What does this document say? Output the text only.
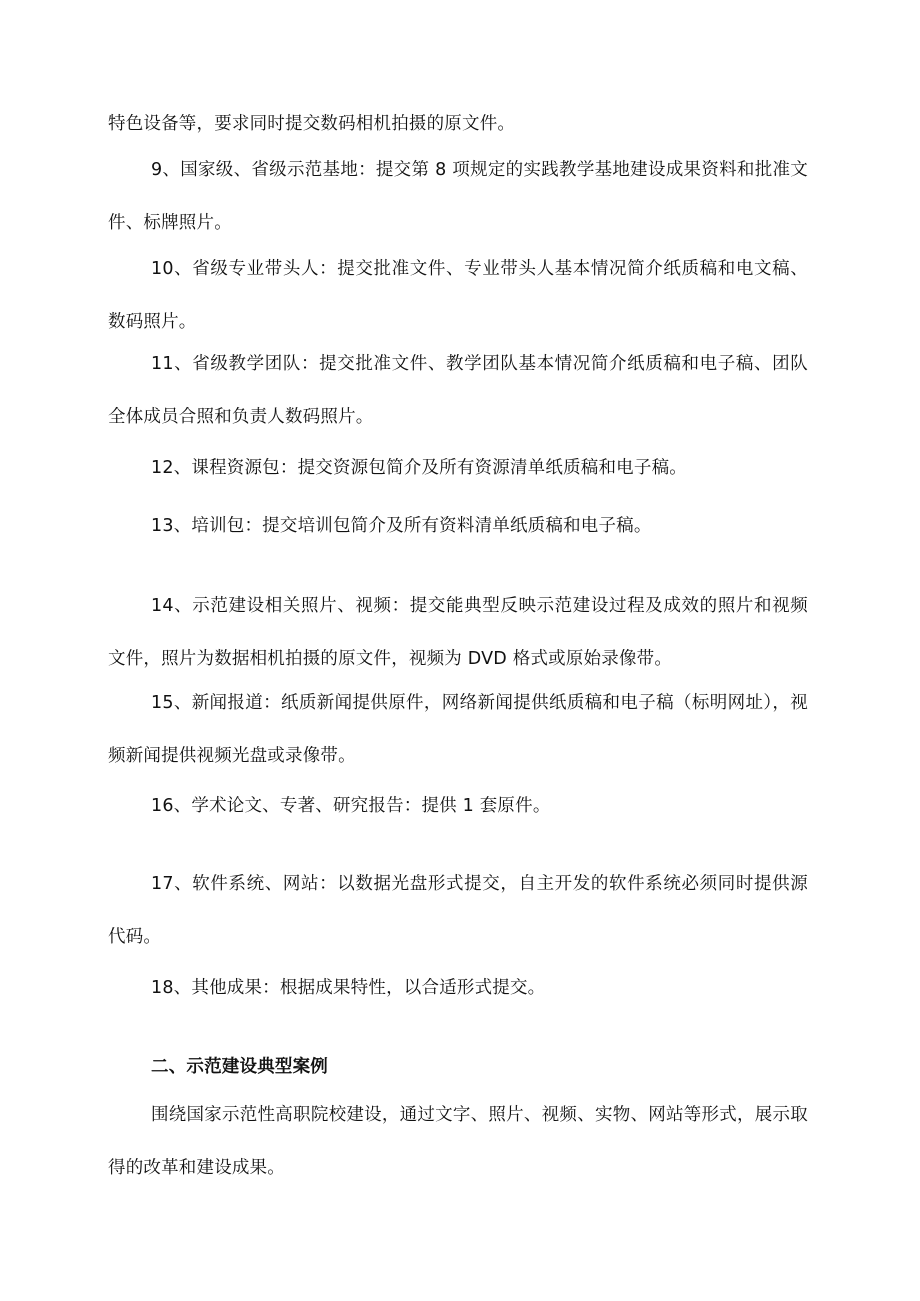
特色设备等，要求同时提交数码相机拍摄的原文件。

9、国家级、省级示范基地：提交第 8 项规定的实践教学基地建设成果资料和批准文件、标牌照片。

10、省级专业带头人：提交批准文件、专业带头人基本情况简介纸质稿和电文稿、数码照片。

11、省级教学团队：提交批准文件、教学团队基本情况简介纸质稿和电子稿、团队全体成员合照和负责人数码照片。

12、课程资源包：提交资源包简介及所有资源清单纸质稿和电子稿。

13、培训包：提交培训包简介及所有资料清单纸质稿和电子稿。

14、示范建设相关照片、视频：提交能典型反映示范建设过程及成效的照片和视频文件，照片为数据相机拍摄的原文件，视频为 DVD 格式或原始录像带。

15、新闻报道：纸质新闻提供原件，网络新闻提供纸质稿和电子稿（标明网址），视频新闻提供视频光盘或录像带。

16、学术论文、专著、研究报告：提供 1 套原件。

17、软件系统、网站：以数据光盘形式提交，自主开发的软件系统必须同时提供源代码。

18、其他成果：根据成果特性，以合适形式提交。

二、示范建设典型案例

围绕国家示范性高职院校建设，通过文字、照片、视频、实物、网站等形式，展示取得的改革和建设成果。
